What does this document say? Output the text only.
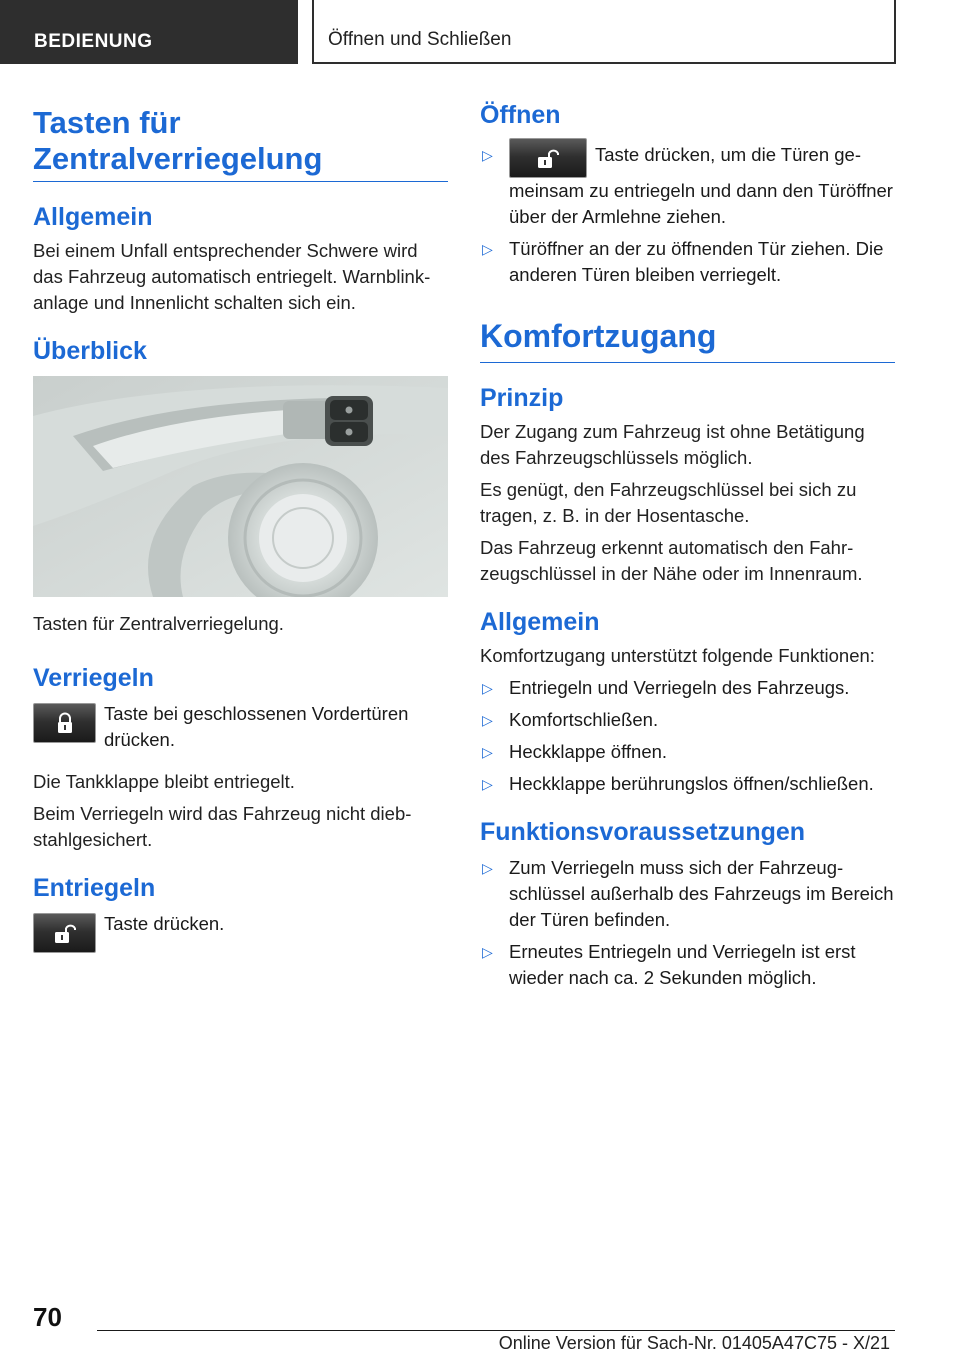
BEDIENUNG	Öffnen und Schließen
Tasten für Zentralverriegelung
Allgemein

Bei einem Unfall entsprechender Schwere wird das Fahrzeug automatisch entriegelt. Warnblinkanlage und Innenlicht schalten sich ein.

Überblick

Tasten für Zentralverriegelung.

Verriegeln
Taste bei geschlossenen Vordertüren drücken.

Die Tankklappe bleibt entriegelt.

Beim Verriegeln wird das Fahrzeug nicht diebstahlgesichert.

Entriegeln
Taste drücken.
Öffnen
▷	Taste drücken, um die Türen gemeinsam zu entriegeln und dann den Türöffner über der Armlehne ziehen.
▷ Türöffner an der zu öffnenden Tür ziehen. Die anderen Türen bleiben verriegelt.
Komfortzugang
Prinzip

Der Zugang zum Fahrzeug ist ohne Betätigung des Fahrzeugschlüssels möglich.

Es genügt, den Fahrzeugschlüssel bei sich zu tragen, z. B. in der Hosentasche.

Das Fahrzeug erkennt automatisch den Fahrzeugschlüssel in der Nähe oder im Innenraum.

Allgemein

Komfortzugang unterstützt folgende Funktionen:

▷ Entriegeln und Verriegeln des Fahrzeugs.
▷ Komfortschließen.
▷ Heckklappe öffnen.
▷ Heckklappe berührungslos öffnen/schließen.
Funktionsvoraussetzungen
▷ Zum Verriegeln muss sich der Fahrzeugschlüssel außerhalb des Fahrzeugs im Bereich der Türen befinden.
▷ Erneutes Entriegeln und Verriegeln ist erst wieder nach ca. 2 Sekunden möglich.
70
Online Version für Sach-Nr. 01405A47C75 - X/21
